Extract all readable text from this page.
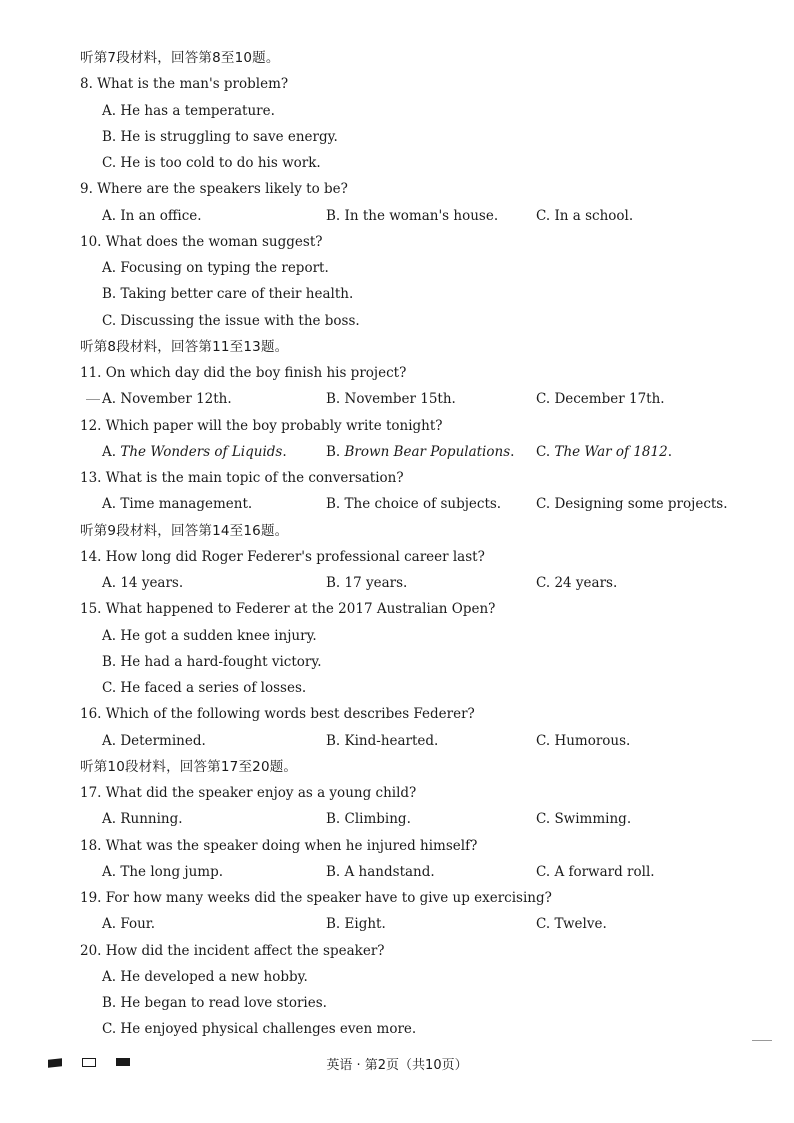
听第7段材料，回答第8至10题。
8. What is the man's problem?
A. He has a temperature.
B. He is struggling to save energy.
C. He is too cold to do his work.
9. Where are the speakers likely to be?
A. In an office.	B. In the woman's house.	C. In a school.
10. What does the woman suggest?
A. Focusing on typing the report.
B. Taking better care of their health.
C. Discussing the issue with the boss.
听第8段材料，回答第11至13题。
11. On which day did the boy finish his project?
A. November 12th.	B. November 15th.	C. December 17th.
12. Which paper will the boy probably write tonight?
A. The Wonders of Liquids.	B. Brown Bear Populations. C. The War of 1812.
13. What is the main topic of the conversation?
A. Time management.	B. The choice of subjects.	C. Designing some projects.
听第9段材料，回答第14至16题。
14. How long did Roger Federer's professional career last?
A. 14 years.	B. 17 years.	C. 24 years.
15. What happened to Federer at the 2017 Australian Open?
A. He got a sudden knee injury.
B. He had a hard-fought victory.
C. He faced a series of losses.
16. Which of the following words best describes Federer?
A. Determined.	B. Kind-hearted.	C. Humorous.
听第10段材料，回答第17至20题。
17. What did the speaker enjoy as a young child?
A. Running.	B. Climbing.	C. Swimming.
18. What was the speaker doing when he injured himself?
A. The long jump.	B. A handstand.	C. A forward roll.
19. For how many weeks did the speaker have to give up exercising?
A. Four.	B. Eight.	C. Twelve.
20. How did the incident affect the speaker?
A. He developed a new hobby.
B. He began to read love stories.
C. He enjoyed physical challenges even more.
英语 · 第2页（共10页）
